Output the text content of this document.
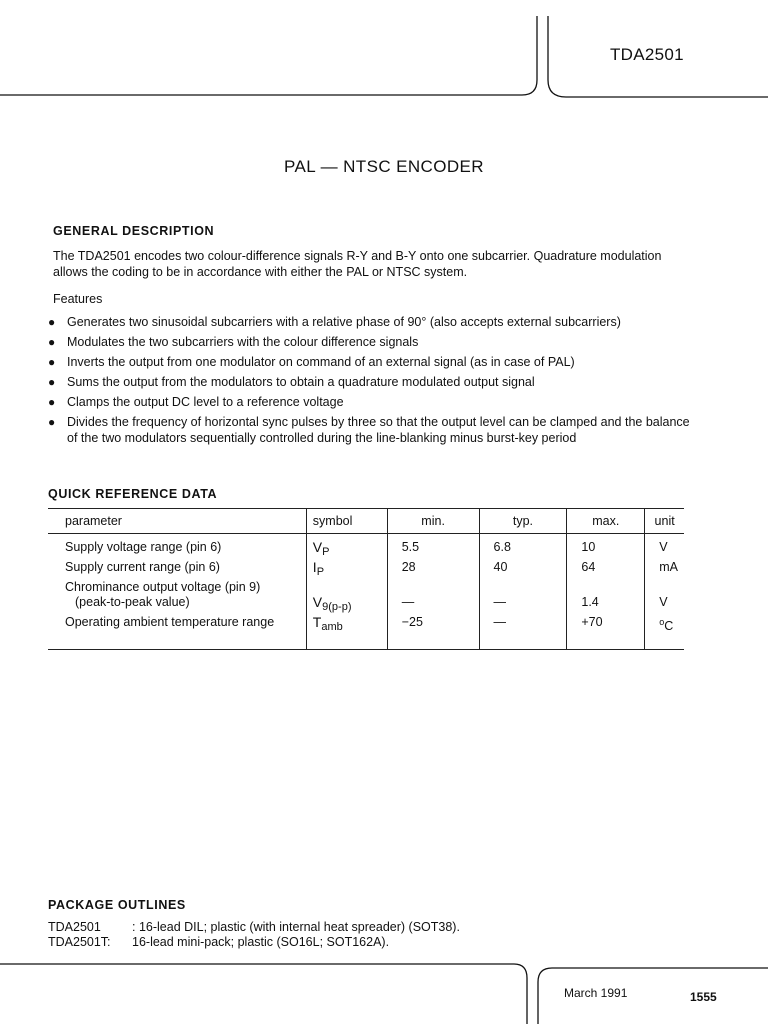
TDA2501
PAL — NTSC ENCODER
GENERAL DESCRIPTION
The TDA2501 encodes two colour-difference signals R-Y and B-Y onto one subcarrier. Quadrature modulation allows the coding to be in accordance with either the PAL or NTSC system.
Features
● Generates two sinusoidal subcarriers with a relative phase of 90° (also accepts external subcarriers)
● Modulates the two subcarriers with the colour difference signals
● Inverts the output from one modulator on command of an external signal (as in case of PAL)
● Sums the output from the modulators to obtain a quadrature modulated output signal
● Clamps the output DC level to a reference voltage
● Divides the frequency of horizontal sync pulses by three so that the output level can be clamped and the balance of the two modulators sequentially controlled during the line-blanking minus burst-key period
QUICK REFERENCE DATA
parameter	symbol	min.	typ.	max.	unit

Supply voltage range (pin 6)	VP	5.5	6.8	10	V

Supply current range (pin 6)	IP	28	40	64	mA

Chrominance output voltage (pin 9)
(peak-to-peak value)	V9(p-p)	—	—	1.4	V

Operating ambient temperature range	Tamb	−25	—	+70	$^o$C
PACKAGE OUTLINES
TDA2501 : 16-lead DIL; plastic (with internal heat spreader) (SOT38).
TDA2501T: 16-lead mini-pack; plastic (SO16L; SOT162A).
March 1991	1555
